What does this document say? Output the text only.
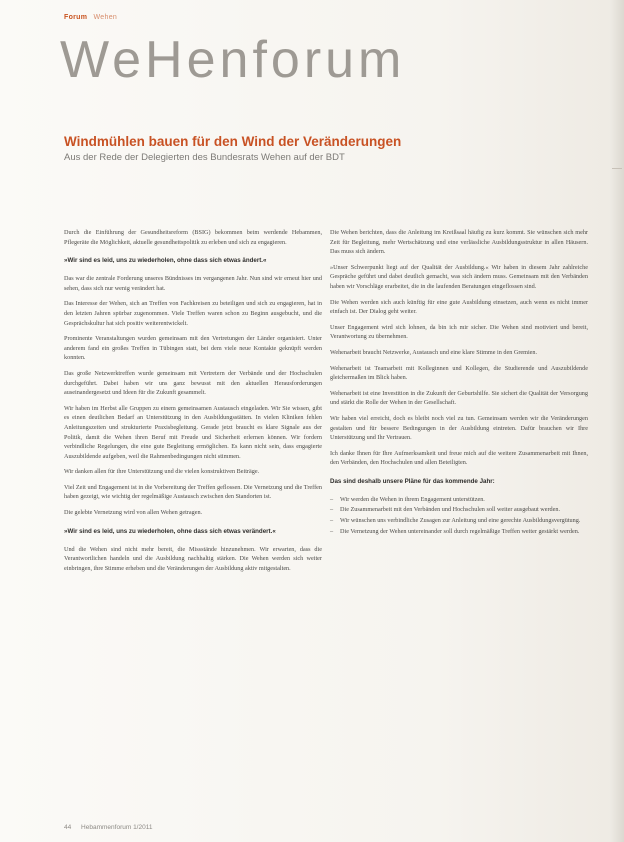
Forum Wehen
WeHenforum
Windmühlen bauen für den Wind der Veränderungen
Aus der Rede der Delegierten des Bundesrats Wehen auf der BDT

Durch die Einführung der Gesundheitsreform (BSIG) bekommen beim werdende Hebammen, Pflegeräte die Möglichkeit, aktuelle gesundheitspolitik zu erleben und sich zu engagieren.

»Wir sind es leid, uns zu wiederholen, ohne dass sich etwas ändert.«

Das war die zentrale Forderung unseres Bündnisses im vergangenen Jahr. Nun sind wir erneut hier und sehen, dass sich nur wenig verändert hat.

Das Interesse der Wehen, sich an Treffen von Fachkreisen zu beteiligen und sich zu engagieren, hat in den letzten Jahren spürbar zugenommen. Viele Treffen waren schon zu Beginn ausgebucht, und die Gesprächskultur hat sich positiv weiterentwickelt.

Prominente Veranstaltungen wurden gemeinsam mit den Vertretungen der Länder organisiert. Unter anderem fand ein großes Treffen in Tübingen statt, bei dem viele neue Kontakte geknüpft werden konnten.

Das große Netzwerktreffen wurde gemeinsam mit Vertretern der Verbände und der Hochschulen durchgeführt. Dabei haben wir uns ganz bewusst mit den aktuellen Herausforderungen auseinandergesetzt und Ideen für die Zukunft gesammelt.

Wir haben im Herbst alle Gruppen zu einem gemeinsamen Austausch eingeladen. Wir Sie wissen, gibt es einen deutlichen Bedarf an Unterstützung in den Ausbildungsstätten. In vielen Kliniken fehlen Anleitungszeiten und strukturierte Praxisbegleitung. Gerade jetzt braucht es klare Signale aus der Politik, damit die Wehen ihren Beruf mit Freude und Sicherheit erlernen können. Wir fordern verbindliche Regelungen, die eine gute Begleitung ermöglichen. Es kann nicht sein, dass engagierte Auszubildende aufgeben, weil die Rahmenbedingungen nicht stimmen.

Wir danken allen für ihre Unterstützung und die vielen konstruktiven Beiträge.

Viel Zeit und Engagement ist in die Vorbereitung der Treffen geflossen. Die Vernetzung und die Treffen haben gezeigt, wie wichtig der regelmäßige Austausch zwischen den Standorten ist.

Die gelebte Vernetzung wird von allen Wehen getragen.

»Wir sind es leid, uns zu wiederholen, ohne dass sich etwas verändert.«

Und die Wehen sind nicht mehr bereit, die Missstände hinzunehmen. Wir erwarten, dass die Verantwortlichen handeln und die Ausbildung nachhaltig stärken. Die Wehen werden sich weiter einbringen, ihre Stimme erheben und die Veränderungen der Ausbildung aktiv mitgestalten.

Die Wehen berichten, dass die Anleitung im Kreißsaal häufig zu kurz kommt. Sie wünschen sich mehr Zeit für Begleitung, mehr Wertschätzung und eine verlässliche Ausbildungsstruktur in allen Häusern. Das muss sich ändern.

»Unser Schwerpunkt liegt auf der Qualität der Ausbildung.« Wir haben in diesem Jahr zahlreiche Gespräche geführt und dabei deutlich gemacht, was sich ändern muss. Gemeinsam mit den Verbänden haben wir Vorschläge erarbeitet, die in die laufenden Beratungen eingeflossen sind.

Die Wehen werden sich auch künftig für eine gute Ausbildung einsetzen, auch wenn es nicht immer einfach ist. Der Dialog geht weiter.

Unser Engagement wird sich lohnen, da bin ich mir sicher. Die Wehen sind motiviert und bereit, Verantwortung zu übernehmen.

Wehenarbeit braucht Netzwerke, Austausch und eine klare Stimme in den Gremien.

Wehenarbeit ist Teamarbeit mit Kolleginnen und Kollegen, die Studierende und Auszubildende gleichermaßen im Blick haben.

Wehenarbeit ist eine Investition in die Zukunft der Geburtshilfe. Sie sichert die Qualität der Versorgung und stärkt die Rolle der Wehen in der Gesellschaft.

Wir haben viel erreicht, doch es bleibt noch viel zu tun. Gemeinsam werden wir die Veränderungen gestalten und für bessere Bedingungen in der Ausbildung eintreten. Dafür brauchen wir Ihre Unterstützung und Ihr Vertrauen.

Ich danke Ihnen für Ihre Aufmerksamkeit und freue mich auf die weitere Zusammenarbeit mit Ihnen, den Verbänden, den Hochschulen und allen Beteiligten.

Das sind deshalb unsere Pläne für das kommende Jahr:
– Wir werden die Wehen in ihrem Engagement unterstützen.
– Die Zusammenarbeit mit den Verbänden und Hochschulen soll weiter ausgebaut werden.
– Wir wünschen uns verbindliche Zusagen zur Anleitung und eine gerechte Ausbildungsvergütung.
– Die Vernetzung der Wehen untereinander soll durch regelmäßige Treffen weiter gestärkt werden.
44 Hebammenforum 1/2011
